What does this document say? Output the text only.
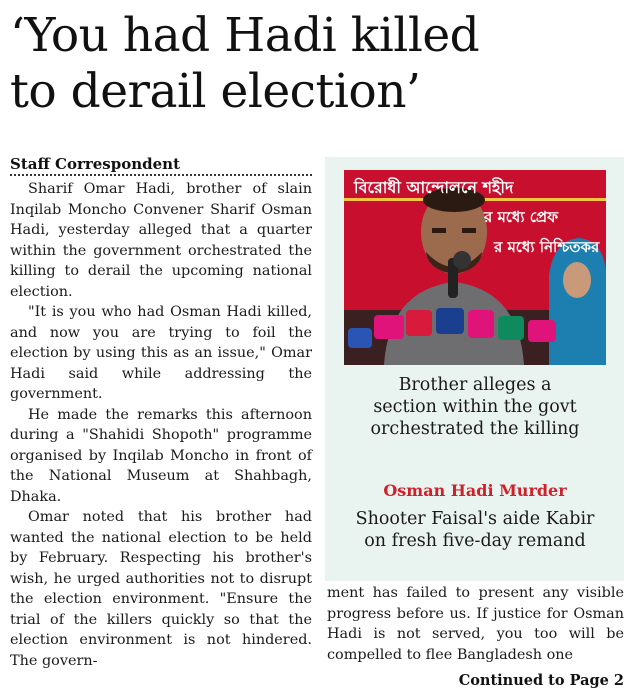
‘You had Hadi killed
to derail election’
Staff Correspondent

Sharif Omar Hadi, brother of slain Inqilab Moncho Convener Sharif Osman Hadi, yesterday alleged that a quarter within the government orchestrated the killing to derail the upcoming national election.

"It is you who had Osman Hadi killed, and now you are trying to foil the election by using this as an issue," Omar Hadi said while addressing the government.

He made the remarks this afternoon during a "Shahidi Shopoth" programme organised by Inqilab Moncho in front of the National Museum at Shahbagh, Dhaka.

Omar noted that his brother had wanted the national election to be held by February. Respecting his brother's wish, he urged authorities not to disrupt the election environment. "Ensure the trial of the killers quickly so that the election environment is not hindered. The govern-

বিরোধী আন্দোলনে শহীদ
র মধ্যে প্রেফ
র মধ্যে নিশ্চিতকর
Brother alleges a
section within the govt
orchestrated the killing
Osman Hadi Murder
Shooter Faisal's aide Kabir
on fresh five-day remand

ment has failed to present any visible progress before us. If justice for Osman Hadi is not served, you too will be compelled to flee Bangladesh one

Continued to Page 2
